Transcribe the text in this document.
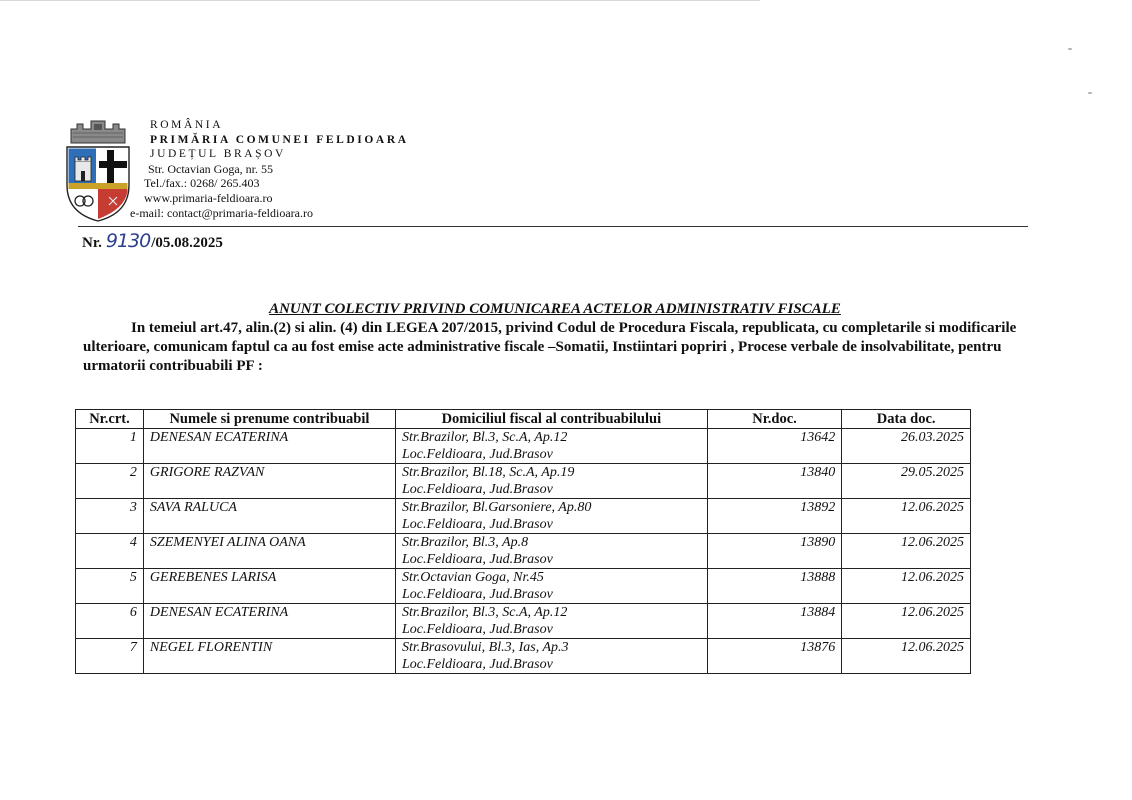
ROMÂNIA
PRIMĂRIA COMUNEI FELDIOARA
JUDEȚUL BRAȘOV
Str. Octavian Goga, nr. 55
Tel./fax.: 0268/ 265.403
www.primaria-feldioara.ro
e-mail: contact@primaria-feldioara.ro
Nr. 9130/05.08.2025
ANUNT COLECTIV PRIVIND COMUNICAREA ACTELOR ADMINISTRATIV FISCALE
In temeiul art.47, alin.(2) si alin. (4) din LEGEA 207/2015, privind Codul de Procedura Fiscala, republicata, cu completarile si modificarile ulterioare, comunicam faptul ca au fost emise acte administrative fiscale –Somatii, Instiintari popriri , Procese verbale de insolvabilitate, pentru urmatorii contribuabili PF :
Nr.crt.	Numele si prenume contribuabil	Domiciliul fiscal al contribuabilului	Nr.doc.	Data doc.
1	DENESAN ECATERINA	Str.Brazilor, Bl.3, Sc.A, Ap.12
Loc.Feldioara, Jud.Brasov	13642	26.03.2025
2	GRIGORE RAZVAN	Str.Brazilor, Bl.18, Sc.A, Ap.19
Loc.Feldioara, Jud.Brasov	13840	29.05.2025
3	SAVA RALUCA	Str.Brazilor, Bl.Garsoniere, Ap.80
Loc.Feldioara, Jud.Brasov	13892	12.06.2025
4	SZEMENYEI ALINA OANA	Str.Brazilor, Bl.3, Ap.8
Loc.Feldioara, Jud.Brasov	13890	12.06.2025
5	GEREBENES LARISA	Str.Octavian Goga, Nr.45
Loc.Feldioara, Jud.Brasov	13888	12.06.2025
6	DENESAN ECATERINA	Str.Brazilor, Bl.3, Sc.A, Ap.12
Loc.Feldioara, Jud.Brasov	13884	12.06.2025
7	NEGEL FLORENTIN	Str.Brasovului, Bl.3, Ias, Ap.3
Loc.Feldioara, Jud.Brasov	13876	12.06.2025
